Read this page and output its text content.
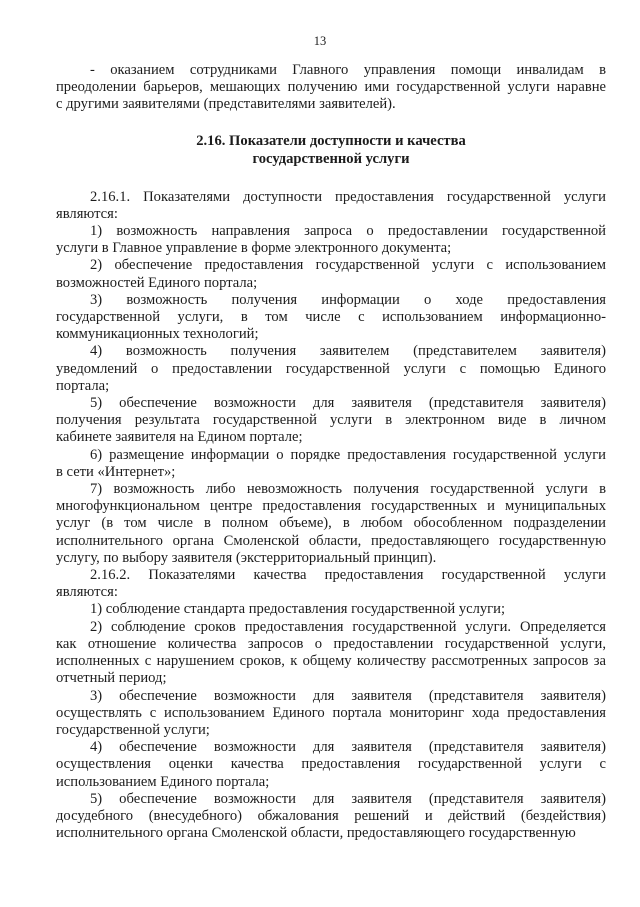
13

- оказанием сотрудниками Главного управления помощи инвалидам в

преодолении барьеров, мешающих получению ими государственной услуги наравне

с другими заявителями (представителями заявителей).

2.16. Показатели доступности и качества
государственной услуги

2.16.1. Показателями доступности предоставления государственной услуги

являются:

1) возможность направления запроса о предоставлении государственной

услуги в Главное управление в форме электронного документа;

2) обеспечение предоставления государственной услуги с использованием

возможностей Единого портала;

3) возможность получения информации о ходе предоставления

государственной услуги, в том числе с использованием информационно-

коммуникационных технологий;

4) возможность получения заявителем (представителем заявителя)

уведомлений о предоставлении государственной услуги с помощью Единого

портала;

5) обеспечение возможности для заявителя (представителя заявителя)

получения результата государственной услуги в электронном виде в личном

кабинете заявителя на Едином портале;

6) размещение информации о порядке предоставления государственной услуги

в сети «Интернет»;

7) возможность либо невозможность получения государственной услуги в

многофункциональном центре предоставления государственных и муниципальных

услуг (в том числе в полном объеме), в любом обособленном подразделении

исполнительного органа Смоленской области, предоставляющего государственную

услугу, по выбору заявителя (экстерриториальный принцип).

2.16.2. Показателями качества предоставления государственной услуги

являются:

1) соблюдение стандарта предоставления государственной услуги;

2) соблюдение сроков предоставления государственной услуги. Определяется

как отношение количества запросов о предоставлении государственной услуги,

исполненных с нарушением сроков, к общему количеству рассмотренных запросов за

отчетный период;

3) обеспечение возможности для заявителя (представителя заявителя)

осуществлять с использованием Единого портала мониторинг хода предоставления

государственной услуги;

4) обеспечение возможности для заявителя (представителя заявителя)

осуществления оценки качества предоставления государственной услуги с

использованием Единого портала;

5) обеспечение возможности для заявителя (представителя заявителя)

досудебного (внесудебного) обжалования решений и действий (бездействия)

исполнительного органа Смоленской области, предоставляющего государственную
